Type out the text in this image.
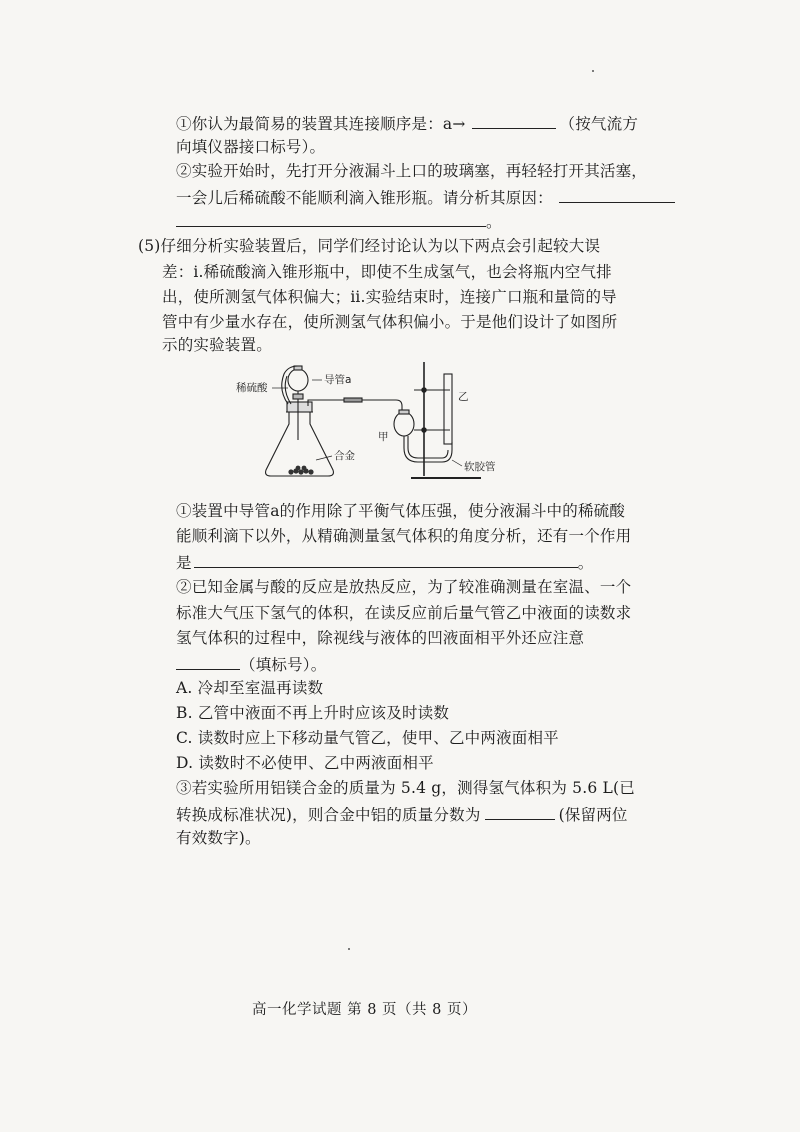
①你认为最简易的装置其连接顺序是：a→	（按气流方
向填仪器接口标号）。
②实验开始时，先打开分液漏斗上口的玻璃塞，再轻轻打开其活塞，
一会儿后稀硫酸不能顺利滴入锥形瓶。请分析其原因：
。
(5)仔细分析实验装置后，同学们经讨论认为以下两点会引起较大误
差：ⅰ.稀硫酸滴入锥形瓶中，即使不生成氢气，也会将瓶内空气排
出，使所测氢气体积偏大；ⅱ.实验结束时，连接广口瓶和量筒的导
管中有少量水存在，使所测氢气体积偏小。于是他们设计了如图所
示的实验装置。
稀硫酸
导管a
合金
甲
乙
软胶管
①装置中导管a的作用除了平衡气体压强，使分液漏斗中的稀硫酸
能顺利滴下以外，从精确测量氢气体积的角度分析，还有一个作用
是	。
②已知金属与酸的反应是放热反应，为了较准确测量在室温、一个
标准大气压下氢气的体积，在读反应前后量气管乙中液面的读数求
氢气体积的过程中，除视线与液体的凹液面相平外还应注意
（填标号）。
A. 冷却至室温再读数
B. 乙管中液面不再上升时应该及时读数
C. 读数时应上下移动量气管乙，使甲、乙中两液面相平
D. 读数时不必使甲、乙中两液面相平
③若实验所用铝镁合金的质量为 5.4 g，测得氢气体积为 5.6 L(已
转换成标准状况)，则合金中铝的质量分数为	(保留两位
有效数字)。
高一化学试题 第 8 页（共 8 页）
